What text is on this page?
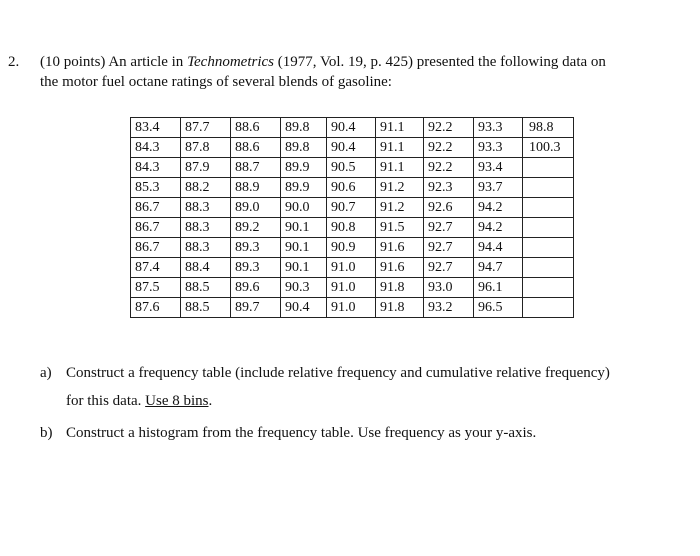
2. (10 points) An article in Technometrics (1977, Vol. 19, p. 425) presented the following data on
the motor fuel octane ratings of several blends of gasoline:
83.4	87.7	88.6	89.8	90.4	91.1	92.2	93.3	98.8
84.3	87.8	88.6	89.8	90.4	91.1	92.2	93.3	100.3
84.3	87.9	88.7	89.9	90.5	91.1	92.2	93.4	
85.3	88.2	88.9	89.9	90.6	91.2	92.3	93.7	
86.7	88.3	89.0	90.0	90.7	91.2	92.6	94.2	
86.7	88.3	89.2	90.1	90.8	91.5	92.7	94.2	
86.7	88.3	89.3	90.1	90.9	91.6	92.7	94.4	
87.4	88.4	89.3	90.1	91.0	91.6	92.7	94.7	
87.5	88.5	89.6	90.3	91.0	91.8	93.0	96.1	
87.6	88.5	89.7	90.4	91.0	91.8	93.2	96.5	
a) Construct a frequency table (include relative frequency and cumulative relative frequency)
for this data. Use 8 bins.
b) Construct a histogram from the frequency table. Use frequency as your y-axis.
